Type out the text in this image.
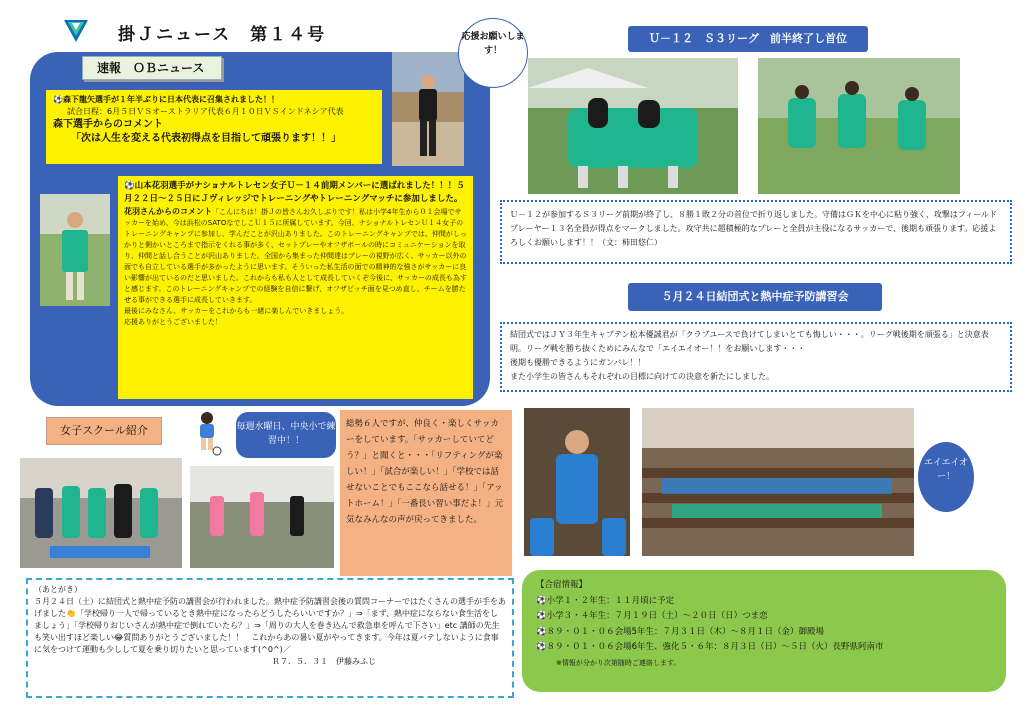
掛Ｊニュース　第１４号
速報　ＯＢニュース
⚽森下龍矢選手が１年半ぶりに日本代表に召集されました！！
試合日程：6月５日ＶＳオーストラリア代表６月１０日ＶＳインドネシア代表
森下選手からのコメント
「次は人生を変える代表初得点を目指して頑張ります！！」
⚽山本花羽選手がナショナルトレセン女子Ｕ－１４前期メンバーに選ばれました！！！５月２２日～２５日にＪヴィレッジでトレーニングやトレーニングマッチに参加しました。
花羽さんからのコメント「こんにちは！掛Ｊの皆さんお久しぶりです！私は小学4年生から０１会場でサッカーを始め、今は浜松のSATOなでしこＵ１５に所属しています。今回、ナショナルトレセンＵ１４女子のトレーニングキャンプに参加し、学んだことが沢山ありました。このトレーニングキャンプでは、仲間がしっかりと側かいところまで指示をくれる事が多く、セットプレーやオフザボールの時にコミュニケーションを取り、仲間と話し合うことが沢山ありました。全国から集まった仲間達はプレーの視野が広く、サッカー以外の面でも自立している選手が多かったように思います。そういった私生活の面での精神的な強さがサッカーに良い影響が出ているのだと思いました。これからも私も人として成長していくぞ今後に、サッカーの成長も為すと感じます。このトレーニングキャンプでの経験を自信に繋げ、オフザピッチ面を見つめ直し、チームを勝たせる事ができる選手に成長していきます。
最後にみなさん、サッカーをこれからも一緒に楽しんでいきましょう。
応援ありがとうございました！
応援お願いします！
Ｕ－１２　Ｓ３リーグ　前半終了し首位
Ｕ－１２が参加するＳ３リーグ前期が終了し、８勝１敗２分の首位で折り返しました。守備はＧＫを中心に粘り強く、攻撃はフィールドプレーヤー１３名全員が得点をマークしました。攻守共に超積極的なプレーと全員が主役になるサッカーで、後期も頑張ります。応援よろしくお願いします！！（文：柿田悠仁）
５月２４日結団式と熱中症予防講習会
結団式ではＪＹ３年生キャプテン松本優誠君が「クラブユースで負けてしまいとても悔しい・・・。リーグ戦後期を頑張る」と決意表明。リーグ戦を勝ち抜くためにみんなで「エイエイオー！！をお願いします・・・
後期も優勝できるようにガンバレ！！
また小学生の皆さんもそれぞれの目標に向けての決意を新たにしました。
女子スクール紹介	毎週水曜日、中央小で練習中！！
総勢６人ですが、仲良く・楽しくサッカーをしています。「サッカーしていてどう？」と聞くと・・・「リフティングが楽しい！」「試合が楽しい！」「学校では話せないことでもここなら話せる！」「アットホーム！」「一番長い習い事だよ！」元気なみんなの声が戻ってきました。
エイエイオー！
（あとがき）
５月２４日（土）に結団式と熱中症予防の講習会が行われました。熱中症予防講習会後の質問コーナーではたくさんの選手が手をあげました👏「学校帰り一人で帰っているとき熱中症になったらどうしたらいいですか？」⇒「まず、熱中症にならない食生活をしましょう」「学校帰りおじいさんが熱中症で倒れていたら？」⇒「周りの大人を巻き込んで救急車を呼んで下さい」etc 講師の先生も笑い出すほど楽しい😂質問ありがとうございました！！　これからあの暑い夏がやってきます。今年は夏バテしないように食事に気をつけて運動も少しして夏を乗り切りたいと思っています(^0^)／
Ｒ７．５．３１　伊藤みふじ
【合宿情報】
⚽小学１・２年生：１１月頃に予定
⚽小学３・４年生：７月１９日（土）～２０日（日）つま恋
⚽８９・０１・０６会場5年生：７月３１日（木）～８月１日（金）御殿場
⚽８９・０１・０６会場6年生、強化５・６年：８月３日（日）～５日（火）長野県阿南市
※情報が分かり次第随時ご連絡します。
